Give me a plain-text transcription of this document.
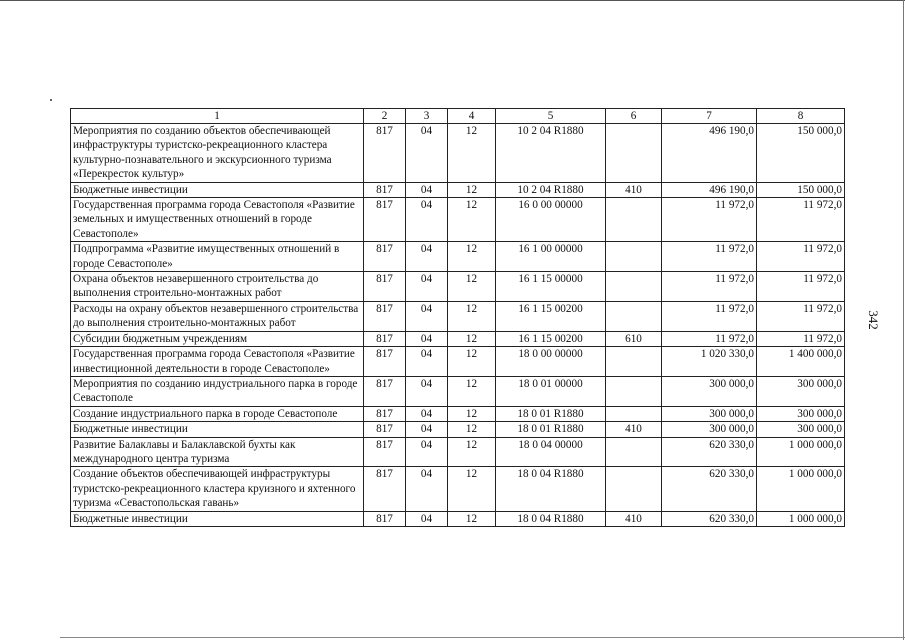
342
1	2	3	4	5	6	7	8
Мероприятия по созданию объектов обеспечивающей инфраструктуры туристско-рекреационного кластера культурно-познавательного и экскурсионного туризма «Перекресток культур»	817	04	12	10 2 04 R1880		496 190,0	150 000,0
Бюджетные инвестиции	817	04	12	10 2 04 R1880	410	496 190,0	150 000,0
Государственная программа города Севастополя «Развитие земельных и имущественных отношений в городе Севастополе»	817	04	12	16 0 00 00000		11 972,0	11 972,0
Подпрограмма «Развитие имущественных отношений в городе Севастополе»	817	04	12	16 1 00 00000		11 972,0	11 972,0
Охрана объектов незавершенного строительства до выполнения строительно-монтажных работ	817	04	12	16 1 15 00000		11 972,0	11 972,0
Расходы на охрану объектов незавершенного строительства до выполнения строительно-монтажных работ	817	04	12	16 1 15 00200		11 972,0	11 972,0
Субсидии бюджетным учреждениям	817	04	12	16 1 15 00200	610	11 972,0	11 972,0
Государственная программа города Севастополя «Развитие инвестиционной деятельности в городе Севастополе»	817	04	12	18 0 00 00000		1 020 330,0	1 400 000,0
Мероприятия по созданию индустриального парка в городе Севастополе	817	04	12	18 0 01 00000		300 000,0	300 000,0
Создание индустриального парка в городе Севастополе	817	04	12	18 0 01 R1880		300 000,0	300 000,0
Бюджетные инвестиции	817	04	12	18 0 01 R1880	410	300 000,0	300 000,0
Развитие Балаклавы и Балаклавской бухты как международного центра туризма	817	04	12	18 0 04 00000		620 330,0	1 000 000,0
Создание объектов обеспечивающей инфраструктуры туристско-рекреационного кластера круизного и яхтенного туризма «Севастопольская гавань»	817	04	12	18 0 04 R1880		620 330,0	1 000 000,0
Бюджетные инвестиции	817	04	12	18 0 04 R1880	410	620 330,0	1 000 000,0
